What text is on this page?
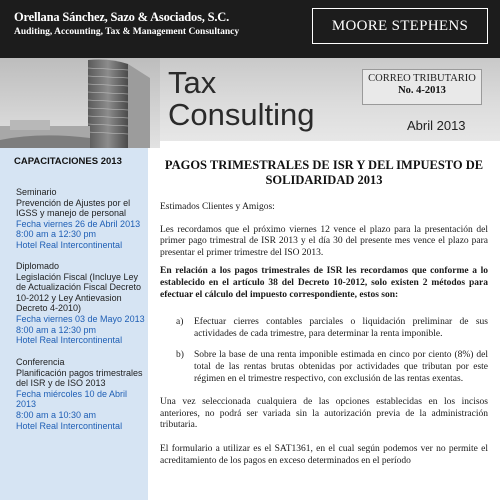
Orellana Sánchez, Sazo & Asociados, S.C.
Auditing, Accounting, Tax & Management Consultancy	MOORE STEPHENS
Tax
Consulting
CORREO TRIBUTARIO
No. 4-2013
Abril 2013
CAPACITACIONES 2013
Seminario
Prevención de Ajustes por el IGSS y manejo de personal
Fecha viernes 26 de Abril 2013
8:00 am a 12:30 pm
Hotel Real Intercontinental
Diplomado
Legislación Fiscal (Incluye Ley de Actualización Fiscal Decreto 10-2012 y Ley Antievasion Decreto 4-2010)
Fecha viernes 03 de Mayo 2013
8:00 am a 12:30 pm
Hotel Real Intercontinental
Conferencia
Planificación pagos trimestrales del ISR y de ISO 2013
Fecha miércoles 10 de Abril 2013
8:00 am a 10:30 am
Hotel Real Intercontinental
PAGOS TRIMESTRALES DE ISR Y DEL IMPUESTO DE SOLIDARIDAD 2013
Estimados Clientes y Amigos:
Les recordamos que el próximo viernes 12 vence el plazo para la presentación del primer pago trimestral de ISR 2013 y el día 30 del presente mes vence el plazo para presentar el primer trimestre del ISO 2013.
En relación a los pagos trimestrales de ISR les recordamos que conforme a lo establecido en el artículo 38 del Decreto 10-2012, solo existen 2 métodos para efectuar el cálculo del impuesto correspondiente, estos son:
a)	Efectuar cierres contables parciales o liquidación preliminar de sus actividades de cada trimestre, para determinar la renta imponible.
b)	Sobre la base de una renta imponible estimada en cinco por ciento (8%) del total de las rentas brutas obtenidas por actividades que tributan por este régimen en el trimestre respectivo, con exclusión de las rentas exentas.
Una vez seleccionada cualquiera de las opciones establecidas en los incisos anteriores, no podrá ser variada sin la autorización previa de la administración tributaria.
El formulario a utilizar es el SAT1361, en el cual según podemos ver no permite el acreditamiento de los pagos en exceso determinados en el período
